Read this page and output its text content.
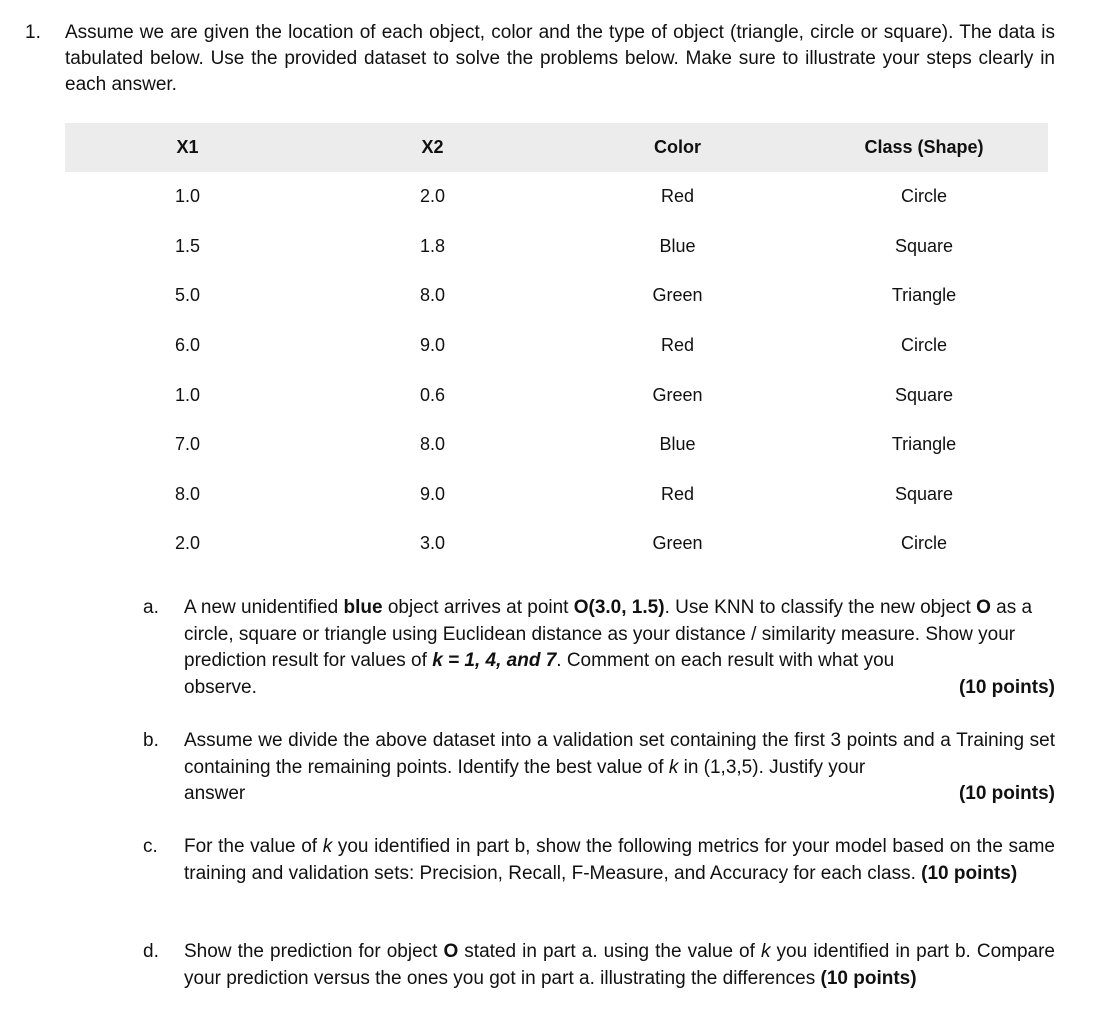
1. Assume we are given the location of each object, color and the type of object (triangle, circle or square). The data is tabulated below. Use the provided dataset to solve the problems below. Make sure to illustrate your steps clearly in each answer.
X1	X2	Color	Class (Shape)
1.0	2.0	Red	Circle
1.5	1.8	Blue	Square
5.0	8.0	Green	Triangle
6.0	9.0	Red	Circle
1.0	0.6	Green	Square
7.0	8.0	Blue	Triangle
8.0	9.0	Red	Square
2.0	3.0	Green	Circle
a.	A new unidentified blue object arrives at point O(3.0, 1.5). Use KNN to classify the new object O as a circle, square or triangle using Euclidean distance as your distance / similarity measure. Show your prediction result for values of k = 1, 4, and 7. Comment on each result with what you
observe.	(10 points)
b.	Assume we divide the above dataset into a validation set containing the first 3 points and a Training set containing the remaining points. Identify the best value of k in (1,3,5). Justify your
answer	(10 points)
c.	For the value of k you identified in part b, show the following metrics for your model based on the same training and validation sets: Precision, Recall, F-Measure, and Accuracy for each class. (10 points)
d.	Show the prediction for object O stated in part a. using the value of k you identified in part b. Compare your prediction versus the ones you got in part a. illustrating the differences (10 points)
